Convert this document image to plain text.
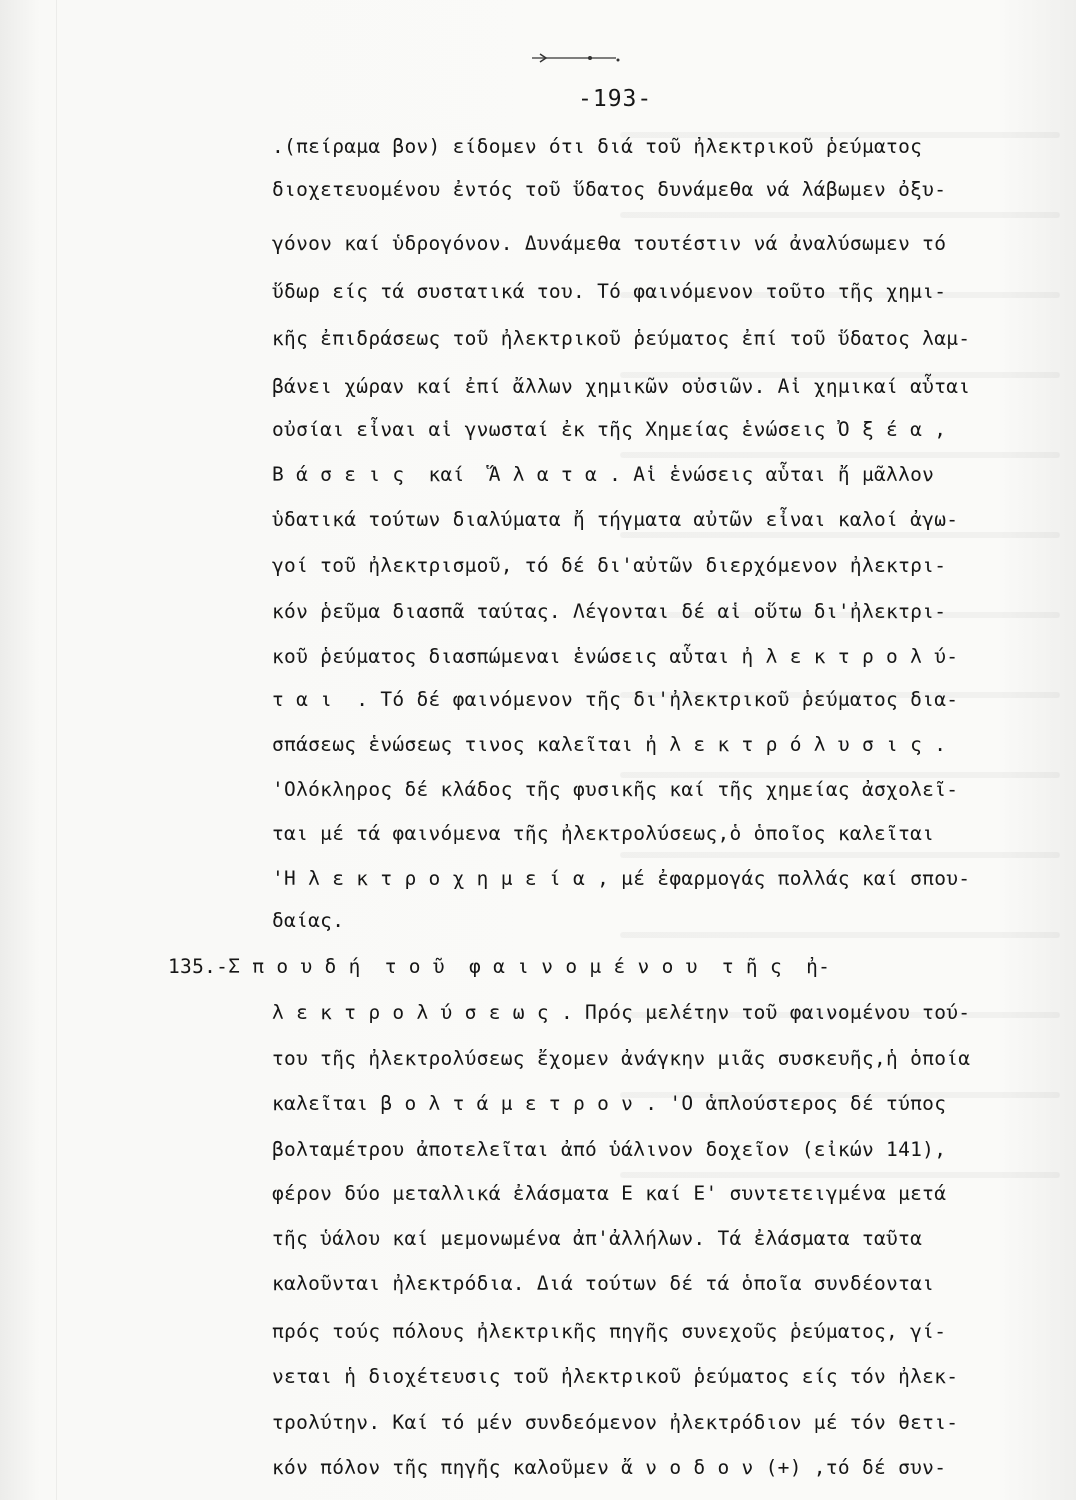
-193-
.(πείραμα βον) είδομεν ότι διά τοῦ ἠλεκτρικοῦ ῥεύματος
διοχετευομένου ἐντός τοῦ ὕδατος δυνάμεθα νά λάβωμεν ὀξυ-
γόνον καί ὑδρογόνον. Δυνάμεθα τουτέστιν νά ἀναλύσωμεν τό
ὕδωρ είς τά συστατικά του. Τό φαινόμενον τοῦτο τῆς χημι-
κῆς ἐπιδράσεως τοῦ ἠλεκτρικοῦ ῥεύματος ἐπί τοῦ ὕδατος λαμ-
βάνει χώραν καί ἐπί ἄλλων χημικῶν οὐσιῶν. Αἱ χημικαί αὗται
οὐσίαι εἶναι αἱ γνωσταί ἐκ τῆς Χημείας ἑνώσεις Ὀ ξ έ α ,
Β ά σ ε ι ς  καί  Ἅ λ α τ α . Αἱ ἑνώσεις αὗται ἤ μᾶλλον
ὑδατικά τούτων διαλύματα ἤ τήγματα αὐτῶν εἶναι καλοί ἀγω-
γοί τοῦ ἠλεκτρισμοῦ, τό δέ δι'αὐτῶν διερχόμενον ἠλεκτρι-
κόν ῥεῦμα διασπᾶ ταύτας. Λέγονται δέ αἱ οὕτω δι'ἠλεκτρι-
κοῦ ῥεύματος διασπώμεναι ἑνώσεις αὗται ἠ λ ε κ τ ρ ο λ ύ-
τ α ι  . Τό δέ φαινόμενον τῆς δι'ἠλεκτρικοῦ ῥεύματος δια-
σπάσεως ἑνώσεως τινος καλεῖται ἠ λ ε κ τ ρ ό λ υ σ ι ς .
'Ολόκληρος δέ κλάδος τῆς φυσικῆς καί τῆς χημείας ἀσχολεῖ-
ται μέ τά φαινόμενα τῆς ἠλεκτρολύσεως,ὁ ὁποῖος καλεῖται
'Η λ ε κ τ ρ ο χ η μ ε ί α , μέ ἐφαρμογάς πολλάς καί σπου-
δαίας.
135.-Σ π ο υ δ ή  τ ο ῦ  φ α ι ν ο μ έ ν ο υ  τ ῆ ς  ἠ-
λ ε κ τ ρ ο λ ύ σ ε ω ς . Πρός μελέτην τοῦ φαινομένου τού-
του τῆς ἠλεκτρολύσεως ἔχομεν ἀνάγκην μιᾶς συσκευῆς,ἡ ὁποία
καλεῖται β ο λ τ ά μ ε τ ρ ο ν . 'Ο ἁπλούστερος δέ τύπος
βολταμέτρου ἀποτελεῖται ἀπό ὑάλινον δοχεῖον (εἰκών 141),
φέρον δύο μεταλλικά ἐλάσματα Ε καί Ε' συντετειγμένα μετά
τῆς ὑάλου καί μεμονωμένα ἀπ'ἀλλήλων. Τά ἐλάσματα ταῦτα
καλοῦνται ἠλεκτρόδια. Διά τούτων δέ τά ὁποῖα συνδέονται
πρός τούς πόλους ἠλεκτρικῆς πηγῆς συνεχοῦς ῥεύματος, γί-
νεται ἡ διοχέτευσις τοῦ ἠλεκτρικοῦ ῥεύματος είς τόν ἠλεκ-
τρολύτην. Καί τό μέν συνδεόμενον ἠλεκτρόδιον μέ τόν θετι-
κόν πόλον τῆς πηγῆς καλοῦμεν ἄ ν ο δ ο ν (+) ,τό δέ συν-
